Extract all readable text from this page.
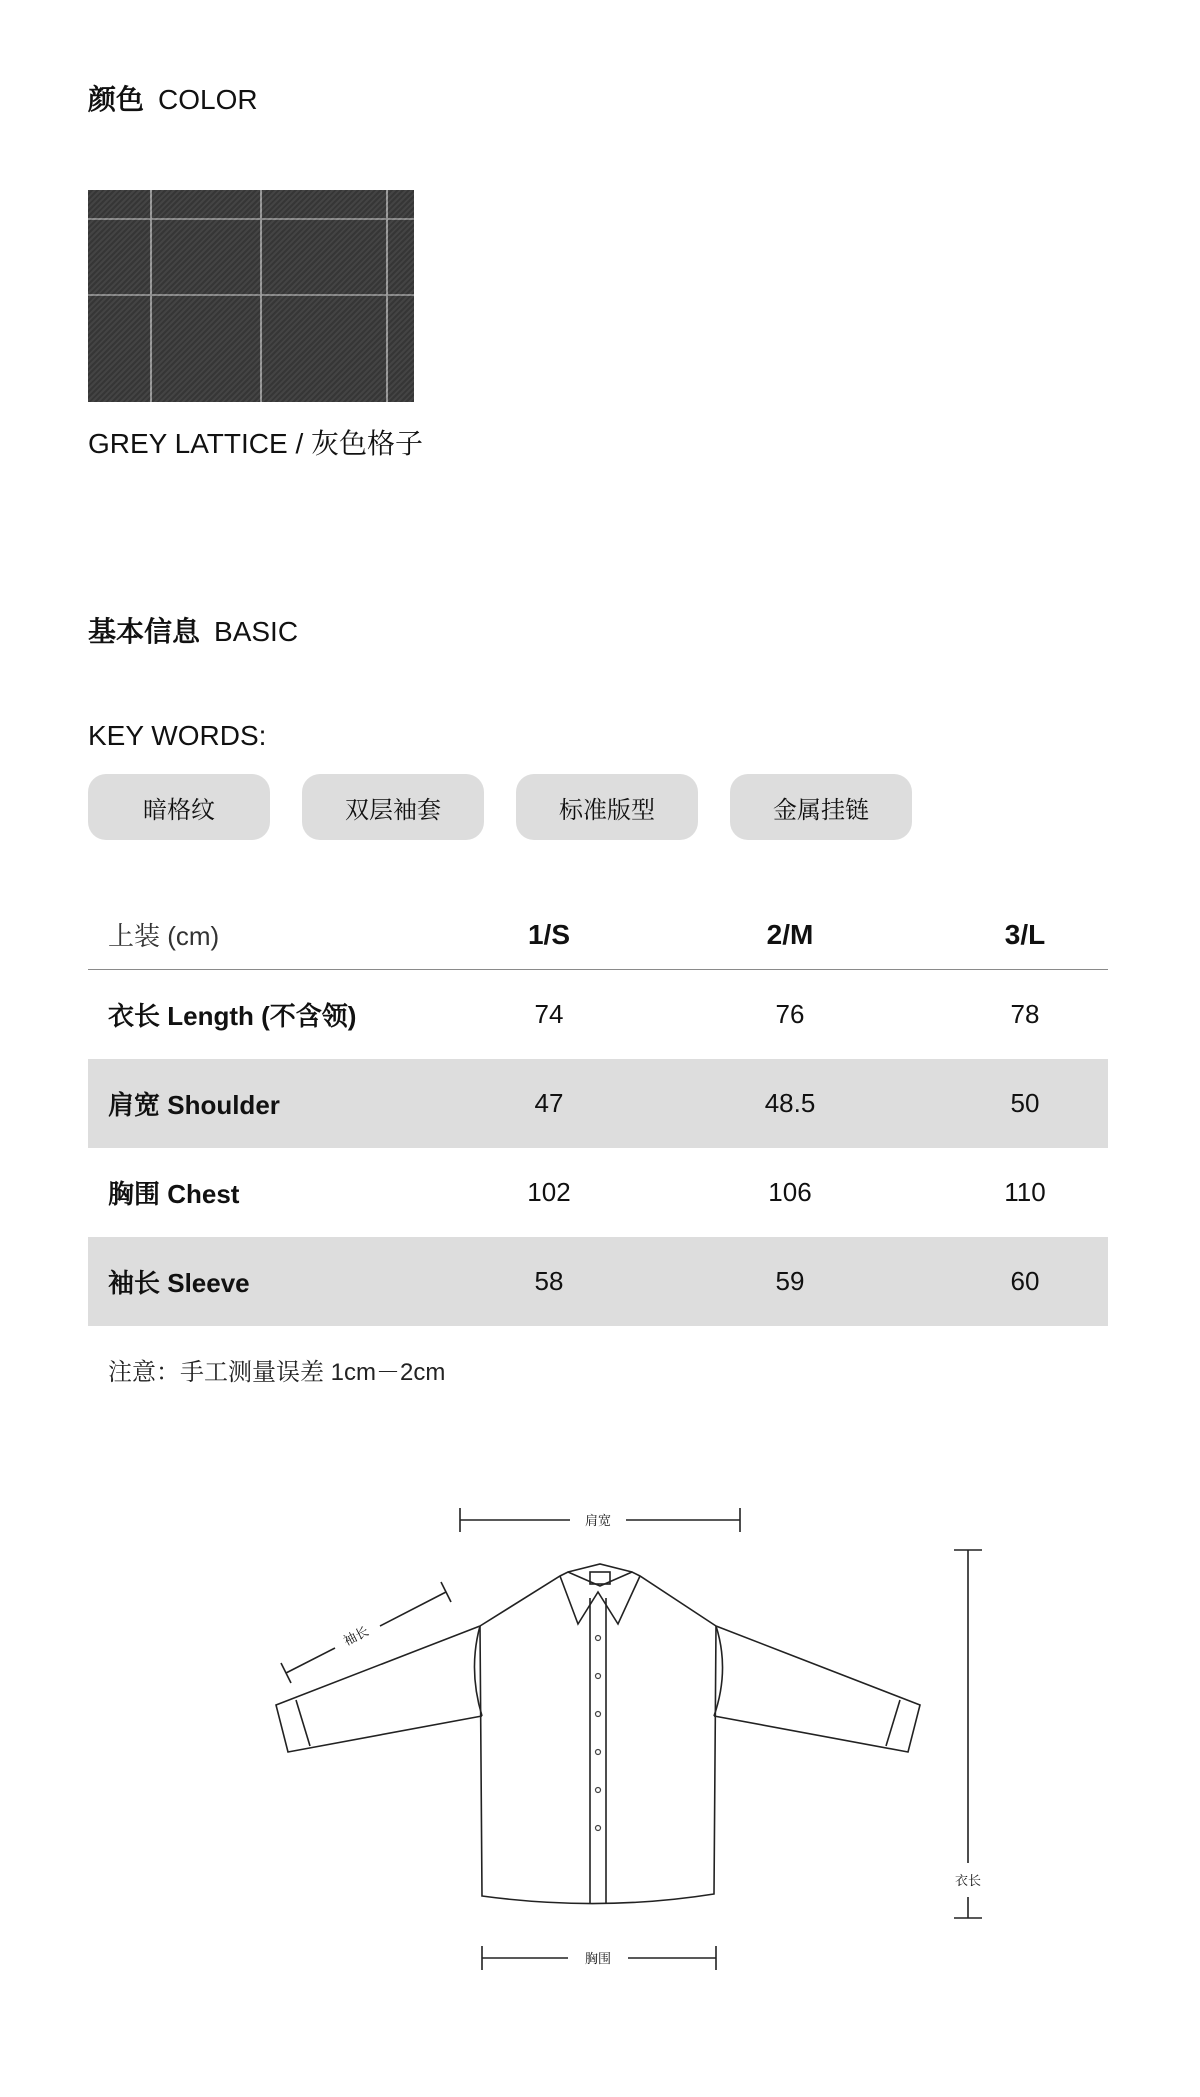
颜色 COLOR
GREY LATTICE / 灰色格子
基本信息 BASIC
KEY WORDS:
暗格纹	双层袖套	标准版型	金属挂链
上装 (cm)	1/S	2/M	3/L
衣长 Length (不含领)	74	76	78
肩宽 Shoulder	47	48.5	50
胸围 Chest	102	106	110
袖长 Sleeve	58	59	60
注意：手工测量误差 1cm－2cm
肩宽
衣长
胸围
袖长
